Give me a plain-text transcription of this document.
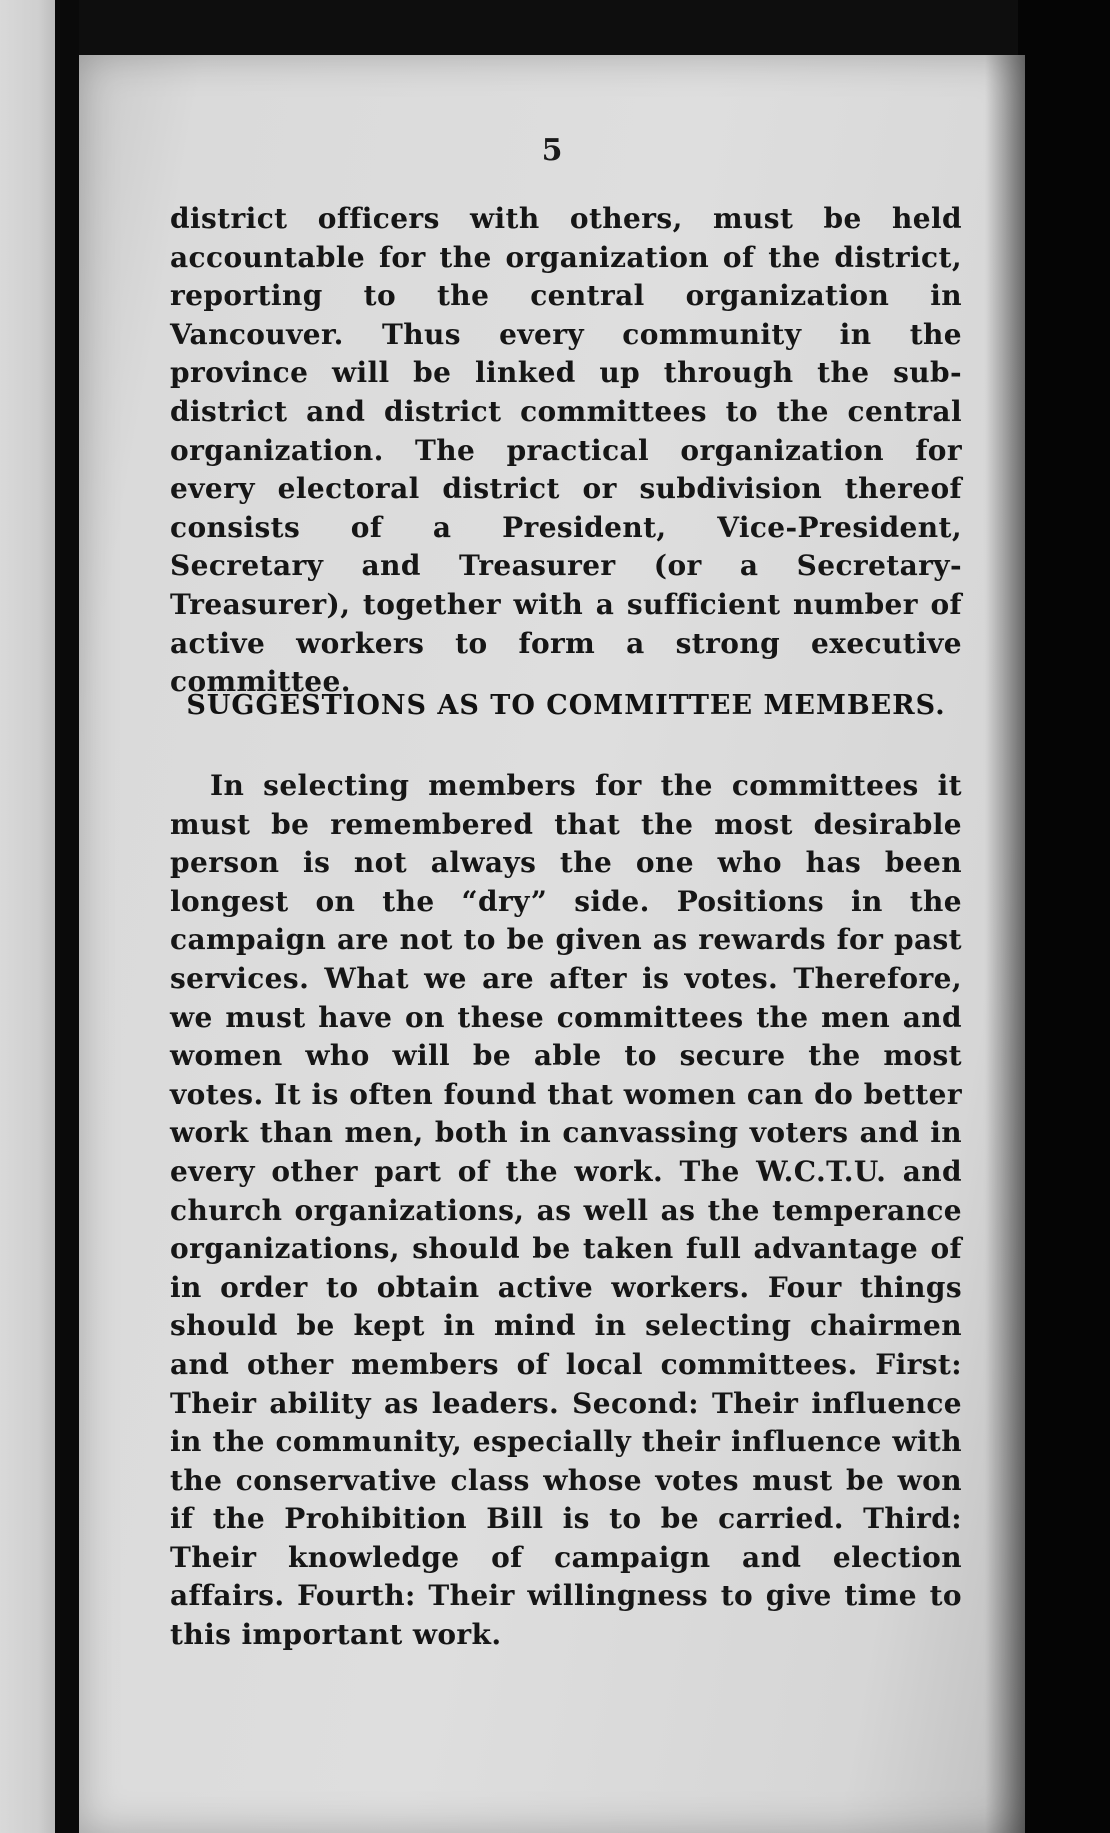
5
district officers with others, must be held accountable for the organization of the district, reporting to the central organization in Vancouver. Thus every community in the province will be linked up through the sub-district and district committees to the central organization. The practical organization for every electoral district or subdivision thereof consists of a President, Vice-President, Secretary and Treasurer (or a Secretary-Treasurer), together with a sufficient number of active workers to form a strong executive committee.
SUGGESTIONS AS TO COMMITTEE MEMBERS.
In selecting members for the committees it must be remembered that the most desirable person is not always the one who has been longest on the “dry” side. Positions in the campaign are not to be given as rewards for past services. What we are after is votes. Therefore, we must have on these committees the men and women who will be able to secure the most votes. It is often found that women can do better work than men, both in canvassing voters and in every other part of the work. The W.C.T.U. and church organizations, as well as the temperance organizations, should be taken full advantage of in order to obtain active workers. Four things should be kept in mind in selecting chairmen and other members of local committees. First: Their ability as leaders. Second: Their influence in the community, especially their influence with the conservative class whose votes must be won if the Prohibition Bill is to be carried. Third: Their knowledge of campaign and election affairs. Fourth: Their willingness to give time to this important work.
